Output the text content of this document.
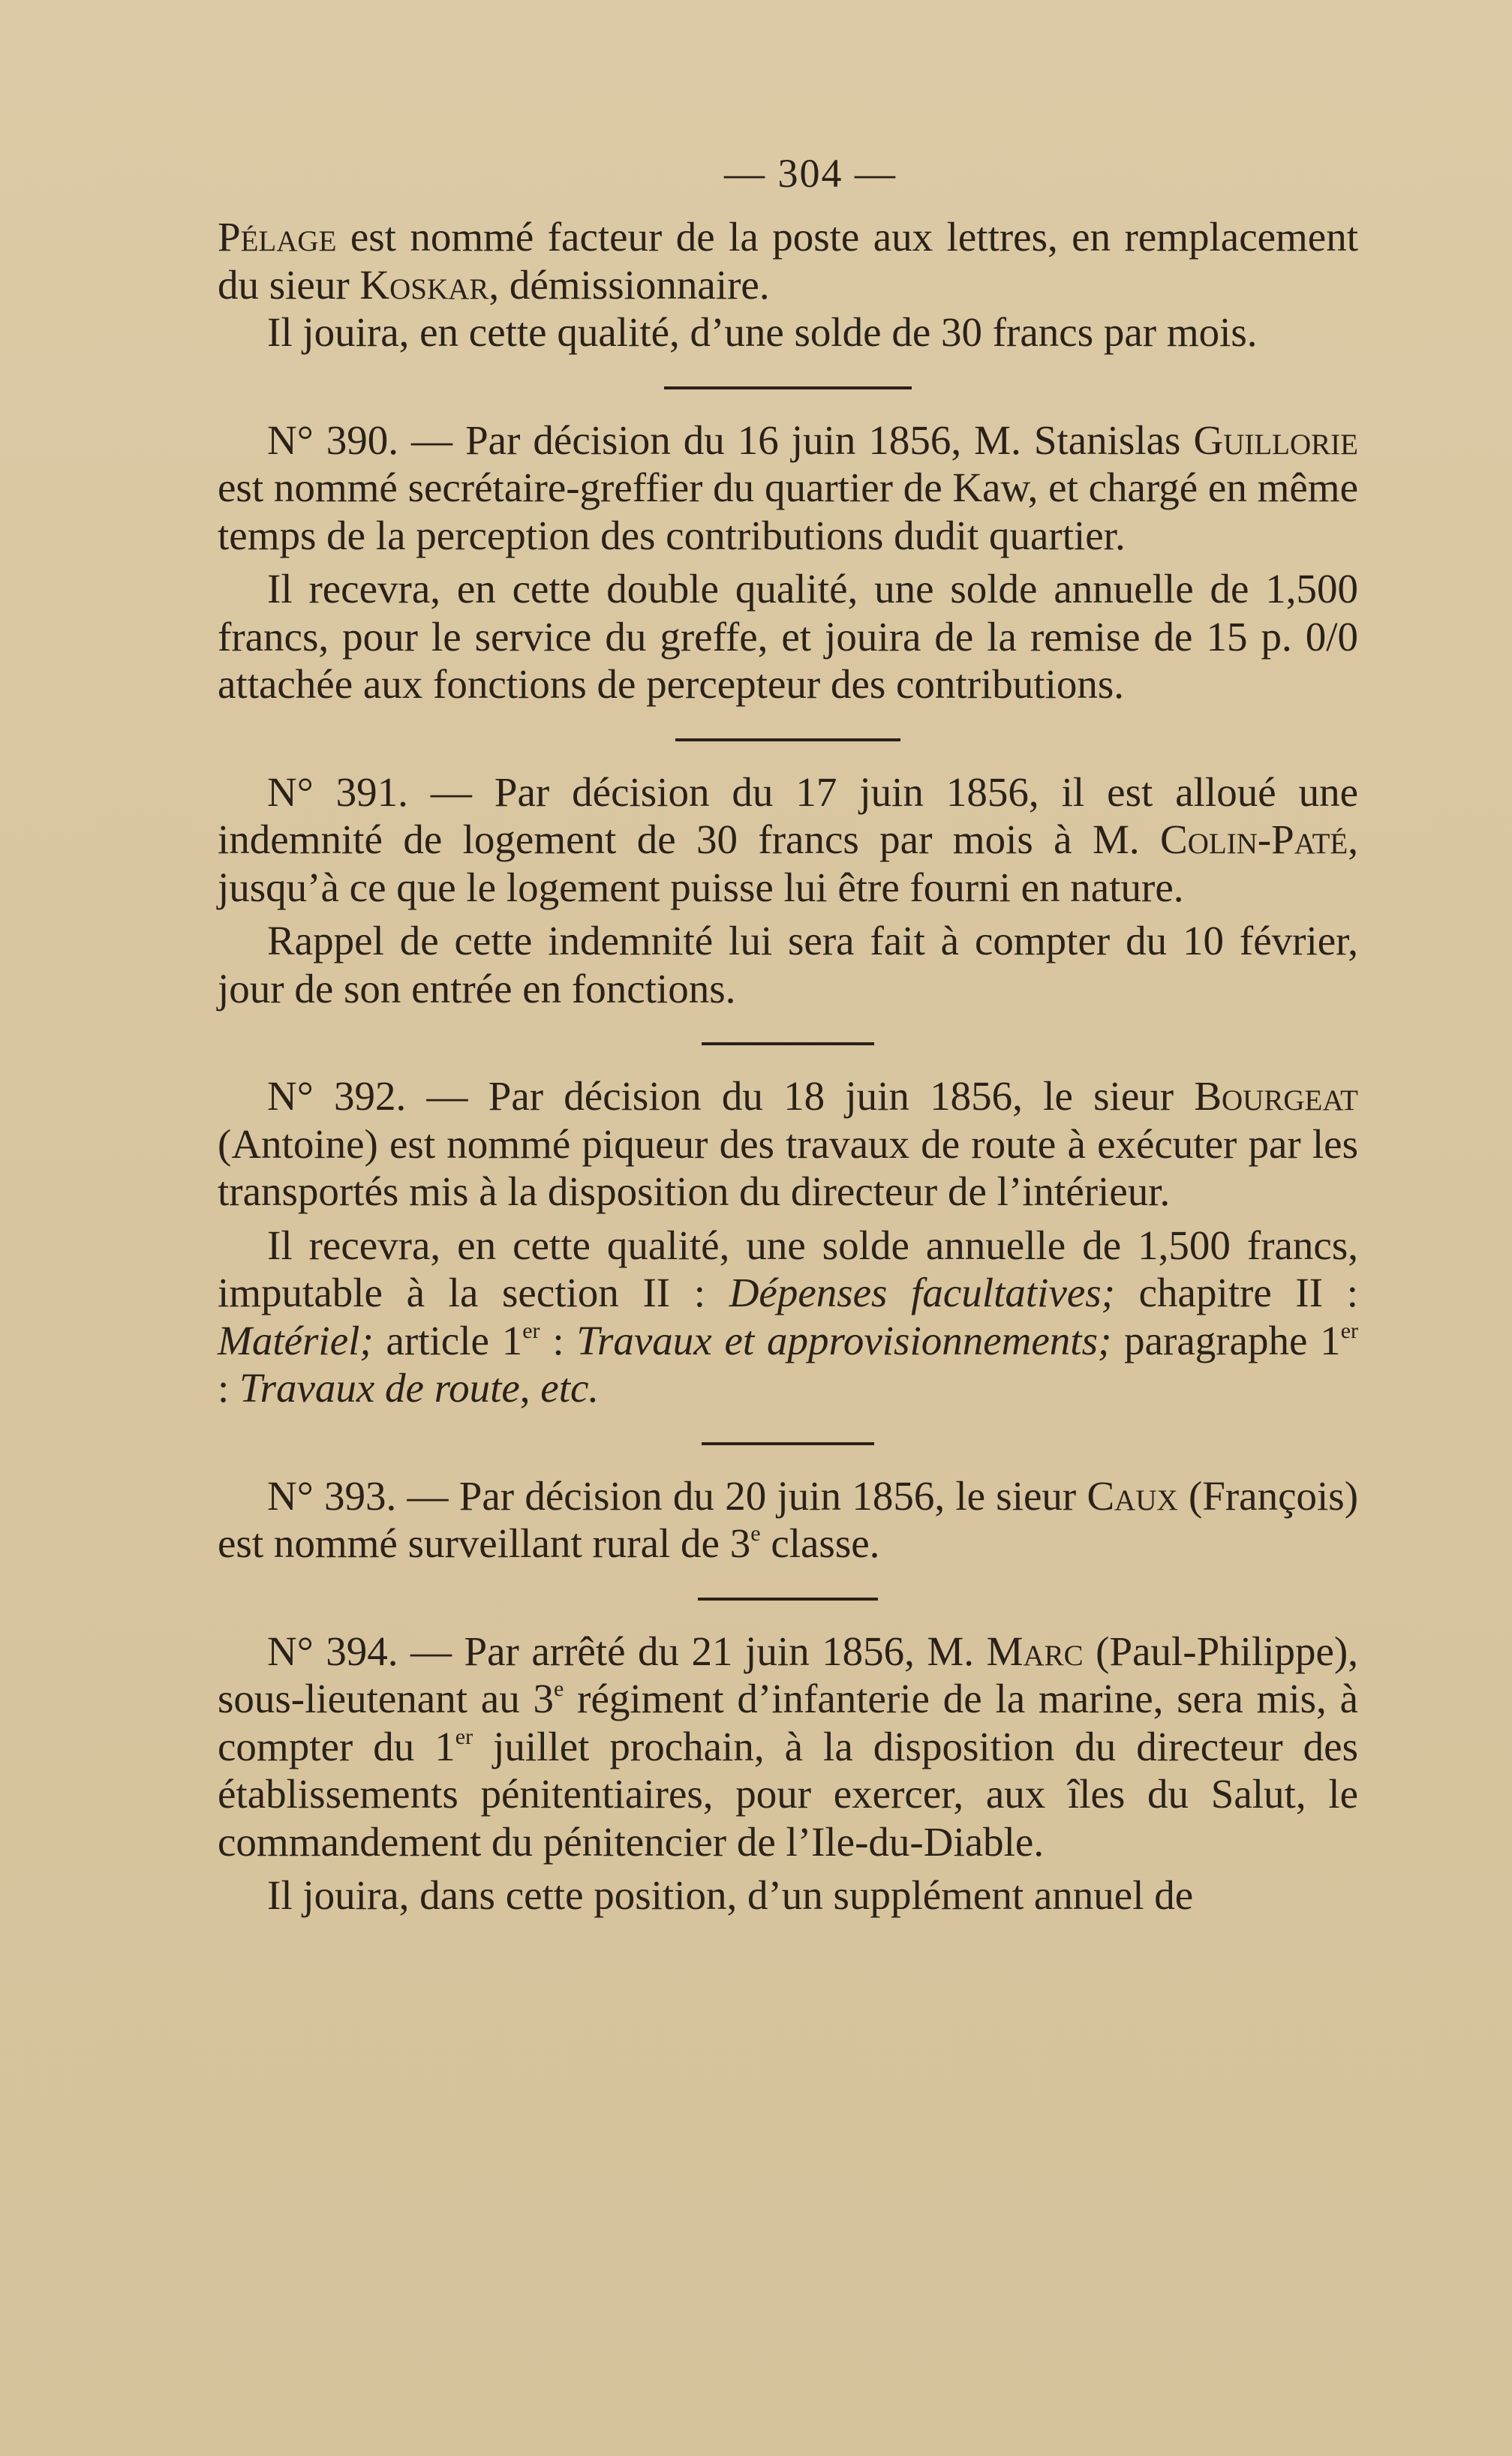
— 304 —

Pélage est nommé facteur de la poste aux lettres, en remplacement du sieur Koskar, démissionnaire.

Il jouira, en cette qualité, d’une solde de 30 francs par mois.

N° 390. — Par décision du 16 juin 1856, M. Stanislas Guillorie est nommé secrétaire-greffier du quartier de Kaw, et chargé en même temps de la perception des contributions dudit quartier.

Il recevra, en cette double qualité, une solde annuelle de 1,500 francs, pour le service du greffe, et jouira de la remise de 15 p. 0/0 attachée aux fonctions de percepteur des contributions.

N° 391. — Par décision du 17 juin 1856, il est alloué une indemnité de logement de 30 francs par mois à M. Colin-Paté, jusqu’à ce que le logement puisse lui être fourni en nature.

Rappel de cette indemnité lui sera fait à compter du 10 février, jour de son entrée en fonctions.

N° 392. — Par décision du 18 juin 1856, le sieur Bourgeat (Antoine) est nommé piqueur des travaux de route à exécuter par les transportés mis à la disposition du directeur de l’intérieur.

Il recevra, en cette qualité, une solde annuelle de 1,500 francs, imputable à la section II : Dépenses facultatives; chapitre II : Matériel; article 1er : Travaux et approvisionnements; paragraphe 1er : Travaux de route, etc.

N° 393. — Par décision du 20 juin 1856, le sieur Caux (François) est nommé surveillant rural de 3e classe.

N° 394. — Par arrêté du 21 juin 1856, M. Marc (Paul-Philippe), sous-lieutenant au 3e régiment d’infanterie de la marine, sera mis, à compter du 1er juillet prochain, à la disposition du directeur des établissements pénitentiaires, pour exercer, aux îles du Salut, le commandement du pénitencier de l’Ile-du-Diable.

Il jouira, dans cette position, d’un supplément annuel de
